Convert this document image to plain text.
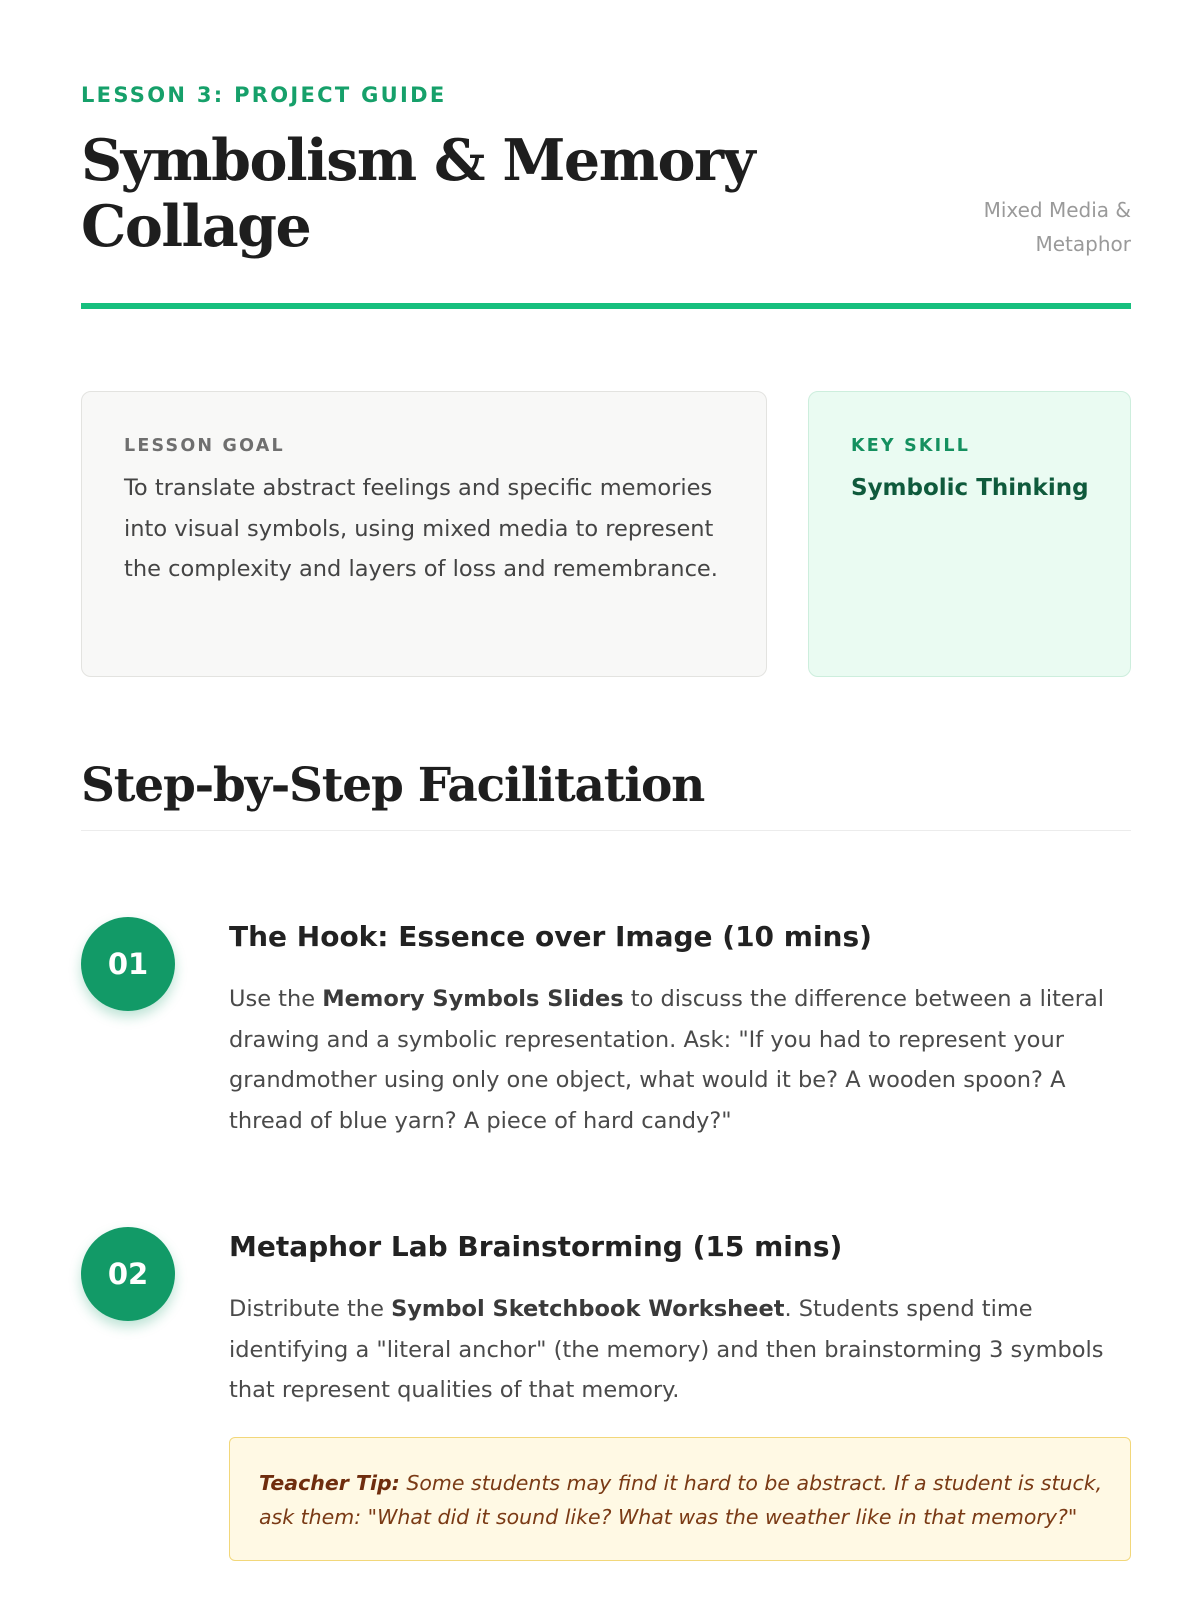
LESSON 3: PROJECT GUIDE
Symbolism & Memory Collage	Mixed Media & Metaphor
LESSON GOAL

To translate abstract feelings and specific memories into visual symbols, using mixed media to represent the complexity and layers of loss and remembrance.

KEY SKILL

Symbolic Thinking

Step-by-Step Facilitation
01
The Hook: Essence over Image (10 mins)

Use the Memory Symbols Slides to discuss the difference between a literal drawing and a symbolic representation. Ask: "If you had to represent your grandmother using only one object, what would it be? A wooden spoon? A thread of blue yarn? A piece of hard candy?"

02
Metaphor Lab Brainstorming (15 mins)

Distribute the Symbol Sketchbook Worksheet. Students spend time identifying a "literal anchor" (the memory) and then brainstorming 3 symbols that represent qualities of that memory.

Teacher Tip: Some students may find it hard to be abstract. If a student is stuck, ask them: "What did it sound like? What was the weather like in that memory?"
